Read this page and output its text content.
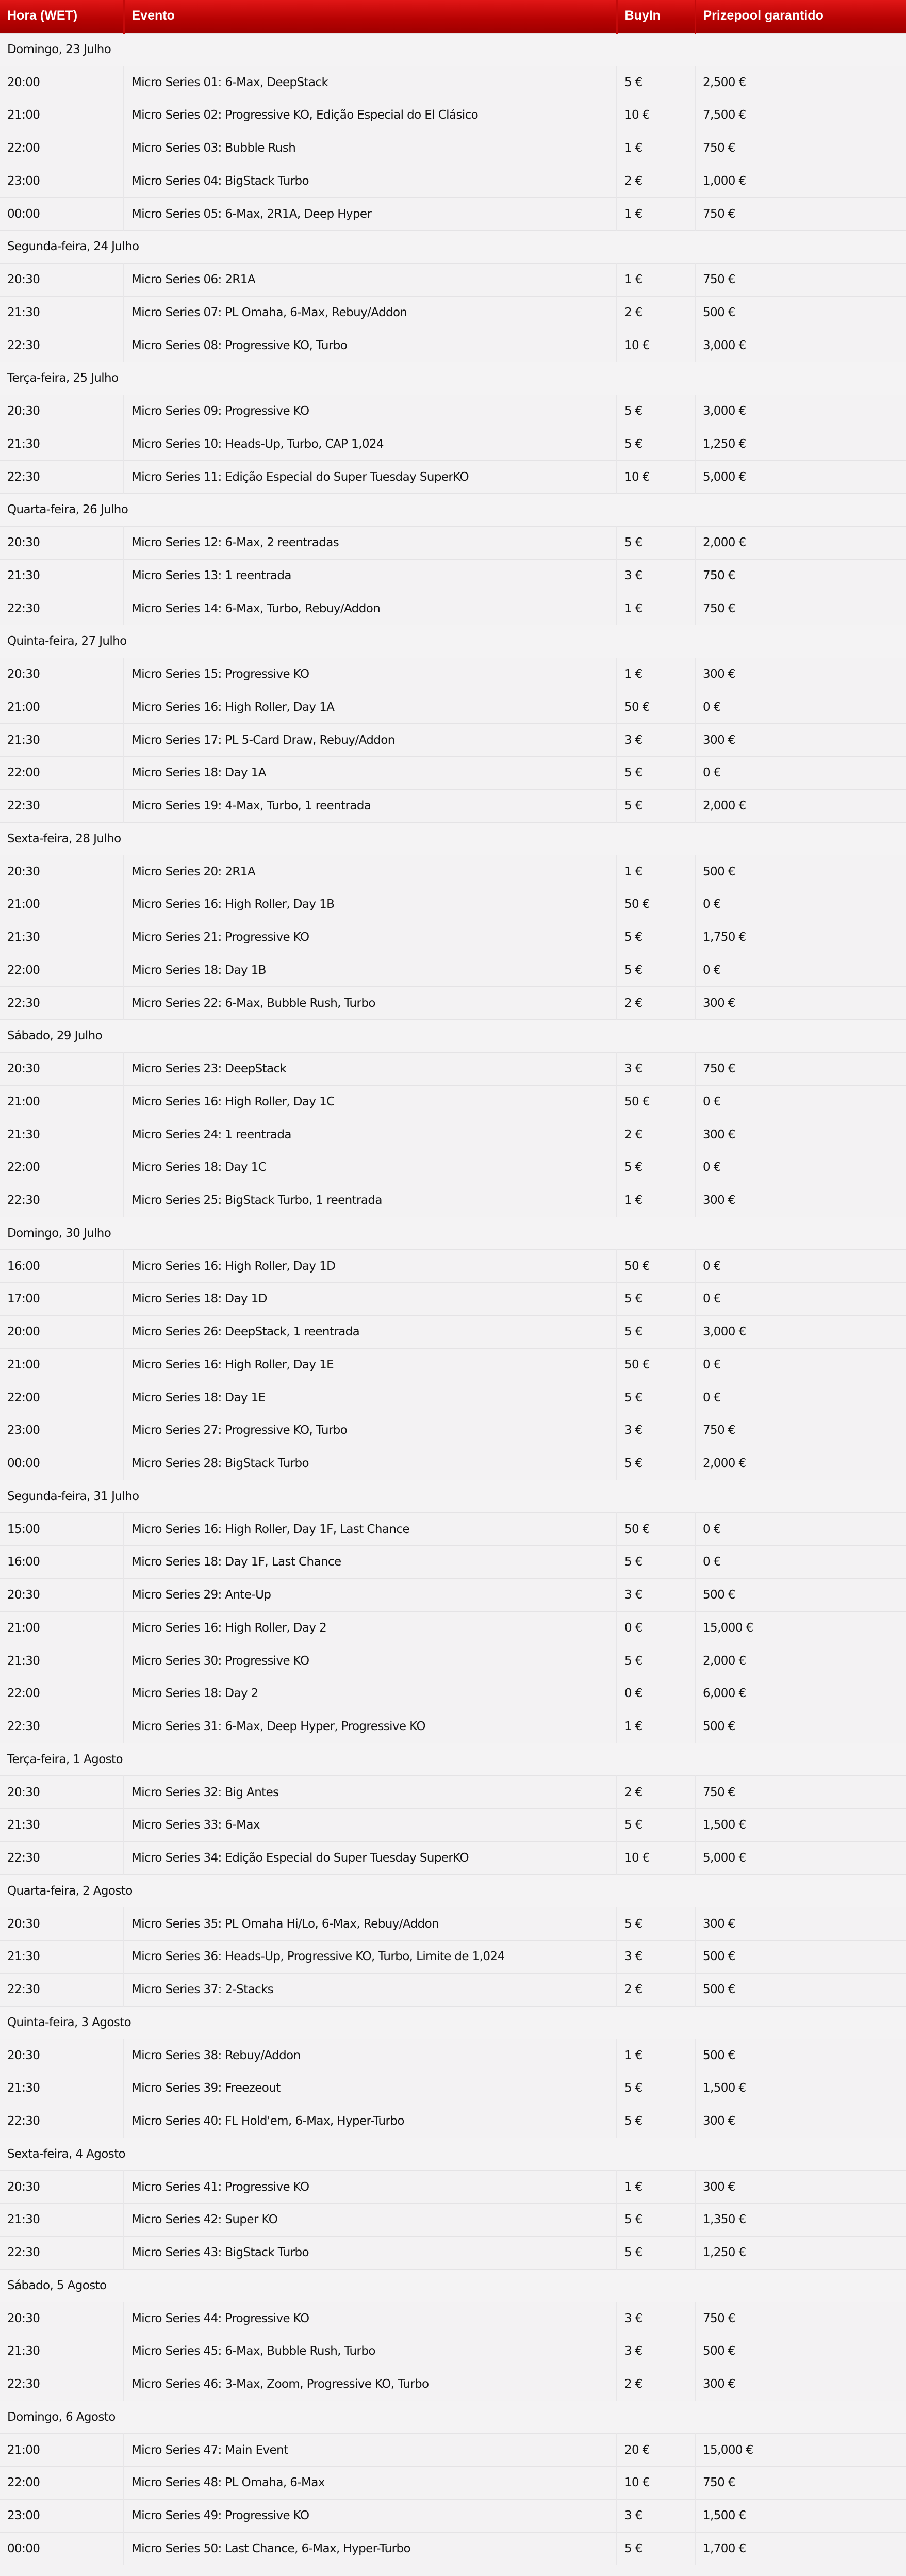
Hora (WET)	Evento	BuyIn	Prizepool garantido
Domingo, 23 Julho			
20:00	Micro Series 01: 6-Max, DeepStack	5 €	2,500 €
21:00	Micro Series 02: Progressive KO, Edição Especial do El Clásico	10 €	7,500 €
22:00	Micro Series 03: Bubble Rush	1 €	750 €
23:00	Micro Series 04: BigStack Turbo	2 €	1,000 €
00:00	Micro Series 05: 6-Max, 2R1A, Deep Hyper	1 €	750 €
Segunda-feira, 24 Julho			
20:30	Micro Series 06: 2R1A	1 €	750 €
21:30	Micro Series 07: PL Omaha, 6-Max, Rebuy/Addon	2 €	500 €
22:30	Micro Series 08: Progressive KO, Turbo	10 €	3,000 €
Terça-feira, 25 Julho			
20:30	Micro Series 09: Progressive KO	5 €	3,000 €
21:30	Micro Series 10: Heads-Up, Turbo, CAP 1,024	5 €	1,250 €
22:30	Micro Series 11: Edição Especial do Super Tuesday SuperKO	10 €	5,000 €
Quarta-feira, 26 Julho			
20:30	Micro Series 12: 6-Max, 2 reentradas	5 €	2,000 €
21:30	Micro Series 13: 1 reentrada	3 €	750 €
22:30	Micro Series 14: 6-Max, Turbo, Rebuy/Addon	1 €	750 €
Quinta-feira, 27 Julho			
20:30	Micro Series 15: Progressive KO	1 €	300 €
21:00	Micro Series 16: High Roller, Day 1A	50 €	0 €
21:30	Micro Series 17: PL 5-Card Draw, Rebuy/Addon	3 €	300 €
22:00	Micro Series 18: Day 1A	5 €	0 €
22:30	Micro Series 19: 4-Max, Turbo, 1 reentrada	5 €	2,000 €
Sexta-feira, 28 Julho			
20:30	Micro Series 20: 2R1A	1 €	500 €
21:00	Micro Series 16: High Roller, Day 1B	50 €	0 €
21:30	Micro Series 21: Progressive KO	5 €	1,750 €
22:00	Micro Series 18: Day 1B	5 €	0 €
22:30	Micro Series 22: 6-Max, Bubble Rush, Turbo	2 €	300 €
Sábado, 29 Julho			
20:30	Micro Series 23: DeepStack	3 €	750 €
21:00	Micro Series 16: High Roller, Day 1C	50 €	0 €
21:30	Micro Series 24: 1 reentrada	2 €	300 €
22:00	Micro Series 18: Day 1C	5 €	0 €
22:30	Micro Series 25: BigStack Turbo, 1 reentrada	1 €	300 €
Domingo, 30 Julho			
16:00	Micro Series 16: High Roller, Day 1D	50 €	0 €
17:00	Micro Series 18: Day 1D	5 €	0 €
20:00	Micro Series 26: DeepStack, 1 reentrada	5 €	3,000 €
21:00	Micro Series 16: High Roller, Day 1E	50 €	0 €
22:00	Micro Series 18: Day 1E	5 €	0 €
23:00	Micro Series 27: Progressive KO, Turbo	3 €	750 €
00:00	Micro Series 28: BigStack Turbo	5 €	2,000 €
Segunda-feira, 31 Julho			
15:00	Micro Series 16: High Roller, Day 1F, Last Chance	50 €	0 €
16:00	Micro Series 18: Day 1F, Last Chance	5 €	0 €
20:30	Micro Series 29: Ante-Up	3 €	500 €
21:00	Micro Series 16: High Roller, Day 2	0 €	15,000 €
21:30	Micro Series 30: Progressive KO	5 €	2,000 €
22:00	Micro Series 18: Day 2	0 €	6,000 €
22:30	Micro Series 31: 6-Max, Deep Hyper, Progressive KO	1 €	500 €
Terça-feira, 1 Agosto			
20:30	Micro Series 32: Big Antes	2 €	750 €
21:30	Micro Series 33: 6-Max	5 €	1,500 €
22:30	Micro Series 34: Edição Especial do Super Tuesday SuperKO	10 €	5,000 €
Quarta-feira, 2 Agosto			
20:30	Micro Series 35: PL Omaha Hi/Lo, 6-Max, Rebuy/Addon	5 €	300 €
21:30	Micro Series 36: Heads-Up, Progressive KO, Turbo, Limite de 1,024	3 €	500 €
22:30	Micro Series 37: 2-Stacks	2 €	500 €
Quinta-feira, 3 Agosto			
20:30	Micro Series 38: Rebuy/Addon	1 €	500 €
21:30	Micro Series 39: Freezeout	5 €	1,500 €
22:30	Micro Series 40: FL Hold'em, 6-Max, Hyper-Turbo	5 €	300 €
Sexta-feira, 4 Agosto			
20:30	Micro Series 41: Progressive KO	1 €	300 €
21:30	Micro Series 42: Super KO	5 €	1,350 €
22:30	Micro Series 43: BigStack Turbo	5 €	1,250 €
Sábado, 5 Agosto			
20:30	Micro Series 44: Progressive KO	3 €	750 €
21:30	Micro Series 45: 6-Max, Bubble Rush, Turbo	3 €	500 €
22:30	Micro Series 46: 3-Max, Zoom, Progressive KO, Turbo	2 €	300 €
Domingo, 6 Agosto			
21:00	Micro Series 47: Main Event	20 €	15,000 €
22:00	Micro Series 48: PL Omaha, 6-Max	10 €	750 €
23:00	Micro Series 49: Progressive KO	3 €	1,500 €
00:00	Micro Series 50: Last Chance, 6-Max, Hyper-Turbo	5 €	1,700 €
